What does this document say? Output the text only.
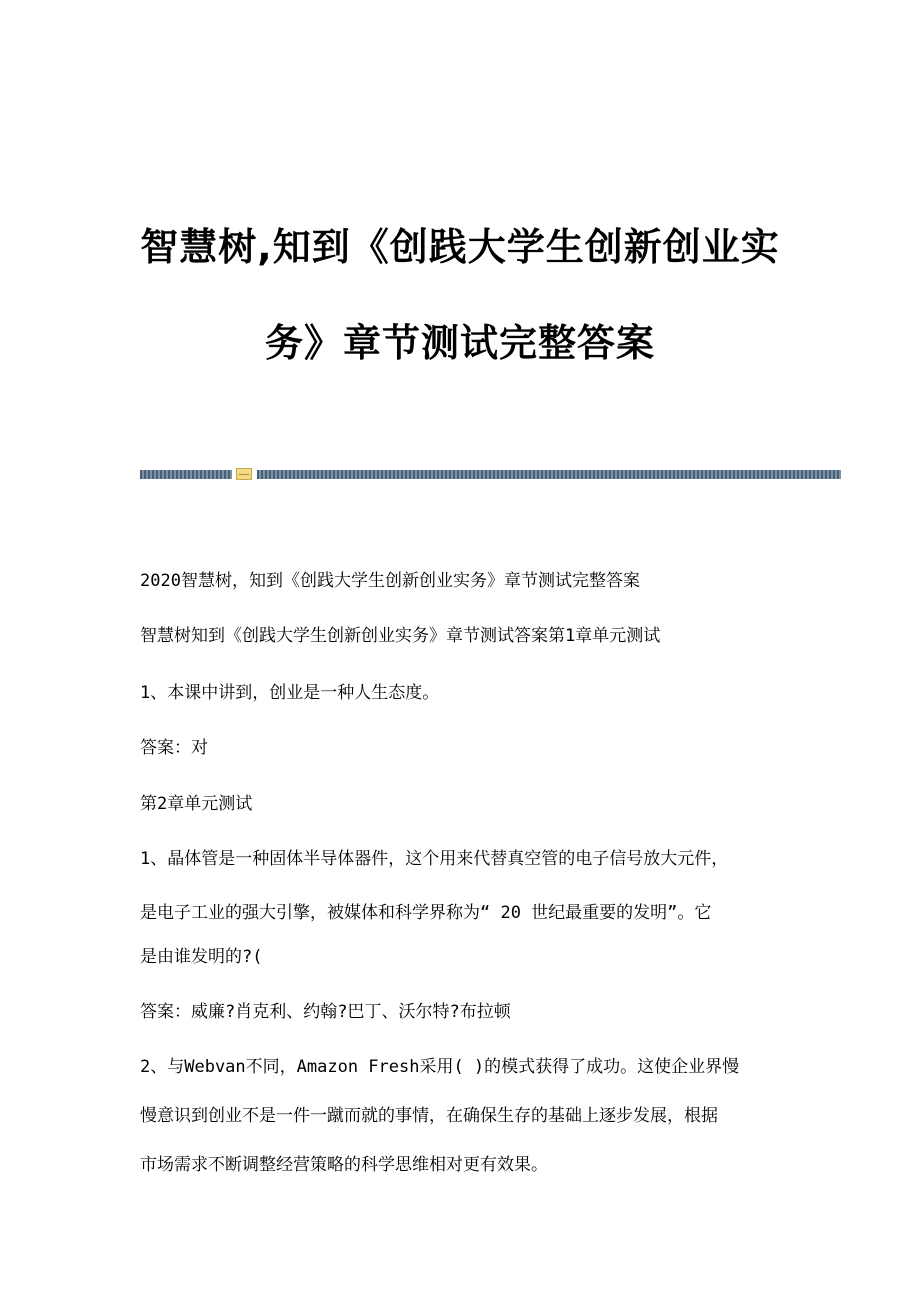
智慧树,知到《创践大学生创新创业实
务》章节测试完整答案

2020智慧树，知到《创践大学生创新创业实务》章节测试完整答案

智慧树知到《创践大学生创新创业实务》章节测试答案第1章单元测试

1、本课中讲到，创业是一种人生态度。

答案：对

第2章单元测试

1、晶体管是一种固体半导体器件，这个用来代替真空管的电子信号放大元件，

是电子工业的强大引擎，被媒体和科学界称为“ 20 世纪最重要的发明”。它

是由谁发明的?(

答案：威廉?肖克利、约翰?巴丁、沃尔特?布拉顿

2、与Webvan不同，Amazon Fresh采用( )的模式获得了成功。这使企业界慢

慢意识到创业不是一件一蹴而就的事情，在确保生存的基础上逐步发展，根据

市场需求不断调整经营策略的科学思维相对更有效果。
